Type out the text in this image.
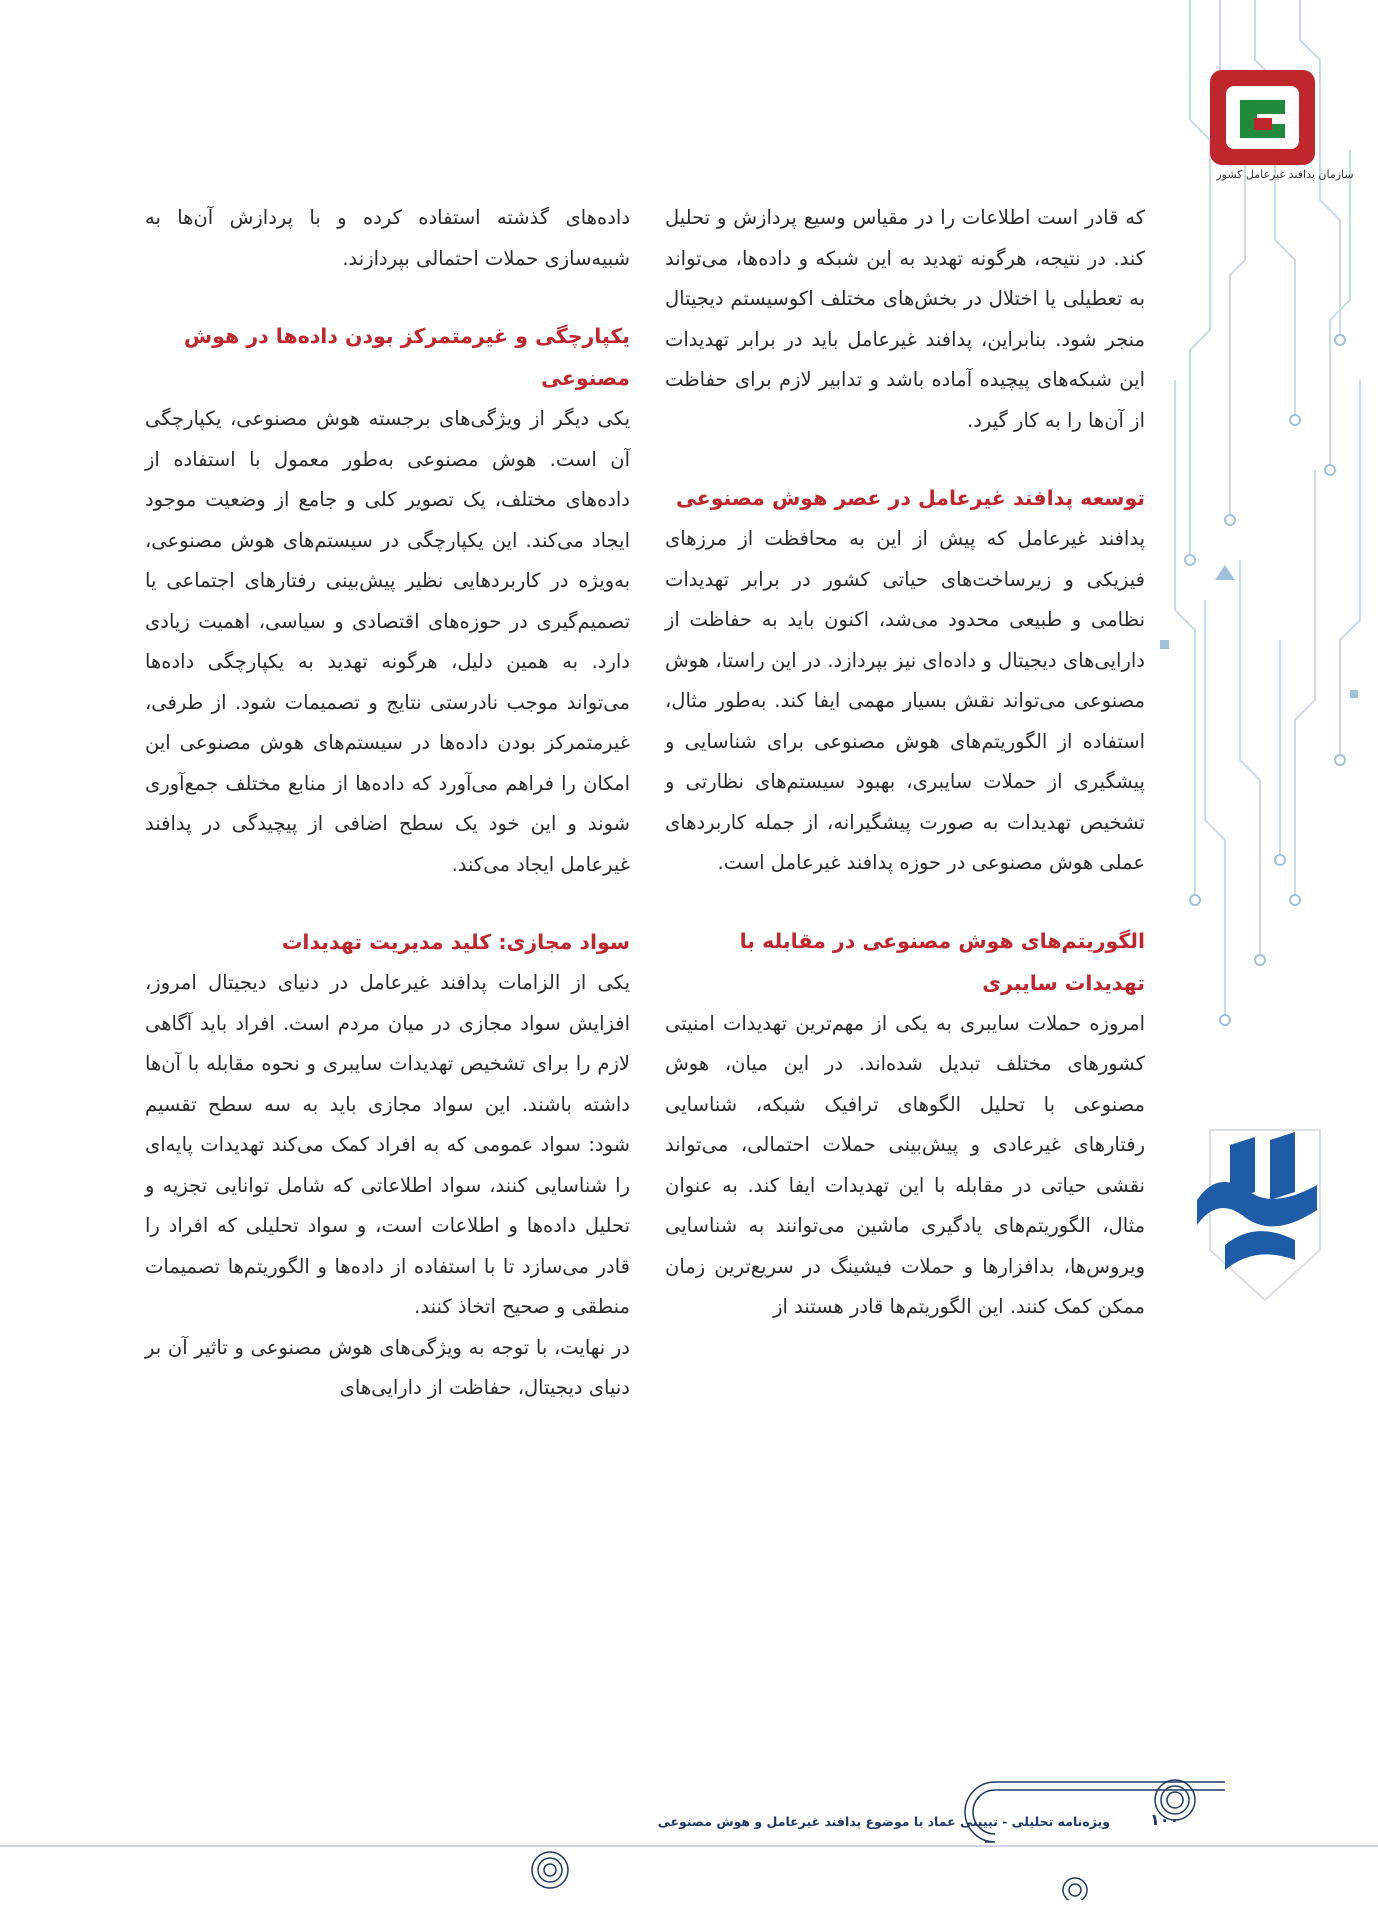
سازمان پدافند غیرعامل کشور

که قادر است اطلاعات را در مقیاس وسیع پردازش و تحلیل کند. در نتیجه، هرگونه تهدید به این شبکه و داده‌ها، می‌تواند به تعطیلی یا اختلال در بخش‌های مختلف اکوسیستم دیجیتال منجر شود. بنابراین، پدافند غیرعامل باید در برابر تهدیدات این شبکه‌های پیچیده آماده باشد و تدابیر لازم برای حفاظت از آن‌ها را به کار گیرد.

توسعه پدافند غیرعامل در عصر هوش مصنوعی

پدافند غیرعامل که پیش از این به محافظت از مرزهای فیزیکی و زیرساخت‌های حیاتی کشور در برابر تهدیدات نظامی و طبیعی محدود می‌شد، اکنون باید به حفاظت از دارایی‌های دیجیتال و داده‌ای نیز بپردازد. در این راستا، هوش مصنوعی می‌تواند نقش بسیار مهمی ایفا کند. به‌طور مثال، استفاده از الگوریتم‌های هوش مصنوعی برای شناسایی و پیشگیری از حملات سایبری، بهبود سیستم‌های نظارتی و تشخیص تهدیدات به صورت پیشگیرانه، از جمله کاربردهای عملی هوش مصنوعی در حوزه پدافند غیرعامل است.

الگوریتم‌های هوش مصنوعی در مقابله با تهدیدات سایبری

امروزه حملات سایبری به یکی از مهم‌ترین تهدیدات امنیتی کشورهای مختلف تبدیل شده‌اند. در این میان، هوش مصنوعی با تحلیل الگوهای ترافیک شبکه، شناسایی رفتارهای غیرعادی و پیش‌بینی حملات احتمالی، می‌تواند نقشی حیاتی در مقابله با این تهدیدات ایفا کند. به عنوان مثال، الگوریتم‌های یادگیری ماشین می‌توانند به شناسایی ویروس‌ها، بدافزارها و حملات فیشینگ در سریع‌ترین زمان ممکن کمک کنند. این الگوریتم‌ها قادر هستند از

داده‌های گذشته استفاده کرده و با پردازش آن‌ها به شبیه‌سازی حملات احتمالی بپردازند.

یکپارچگی و غیرمتمرکز بودن داده‌ها در هوش مصنوعی

یکی دیگر از ویژگی‌های برجسته هوش مصنوعی، یکپارچگی آن است. هوش مصنوعی به‌طور معمول با استفاده از داده‌های مختلف، یک تصویر کلی و جامع از وضعیت موجود ایجاد می‌کند. این یکپارچگی در سیستم‌های هوش مصنوعی، به‌ویژه در کاربردهایی نظیر پیش‌بینی رفتارهای اجتماعی یا تصمیم‌گیری در حوزه‌های اقتصادی و سیاسی، اهمیت زیادی دارد. به همین دلیل، هرگونه تهدید به یکپارچگی داده‌ها می‌تواند موجب نادرستی نتایج و تصمیمات شود. از طرفی، غیرمتمرکز بودن داده‌ها در سیستم‌های هوش مصنوعی این امکان را فراهم می‌آورد که داده‌ها از منابع مختلف جمع‌آوری شوند و این خود یک سطح اضافی از پیچیدگی در پدافند غیرعامل ایجاد می‌کند.

سواد مجازی: کلید مدیریت تهدیدات

یکی از الزامات پدافند غیرعامل در دنیای دیجیتال امروز، افزایش سواد مجازی در میان مردم است. افراد باید آگاهی لازم را برای تشخیص تهدیدات سایبری و نحوه مقابله با آن‌ها داشته باشند. این سواد مجازی باید به سه سطح تقسیم شود: سواد عمومی که به افراد کمک می‌کند تهدیدات پایه‌ای را شناسایی کنند، سواد اطلاعاتی که شامل توانایی تجزیه و تحلیل داده‌ها و اطلاعات است، و سواد تحلیلی که افراد را قادر می‌سازد تا با استفاده از داده‌ها و الگوریتم‌ها تصمیمات منطقی و صحیح اتخاذ کنند.

در نهایت، با توجه به ویژگی‌های هوش مصنوعی و تاثیر آن بر دنیای دیجیتال، حفاظت از دارایی‌های

۱۰۰
ویژه‌نامه تحلیلی - تبیینی عماد با موضوع پدافند غیرعامل و هوش مصنوعی
